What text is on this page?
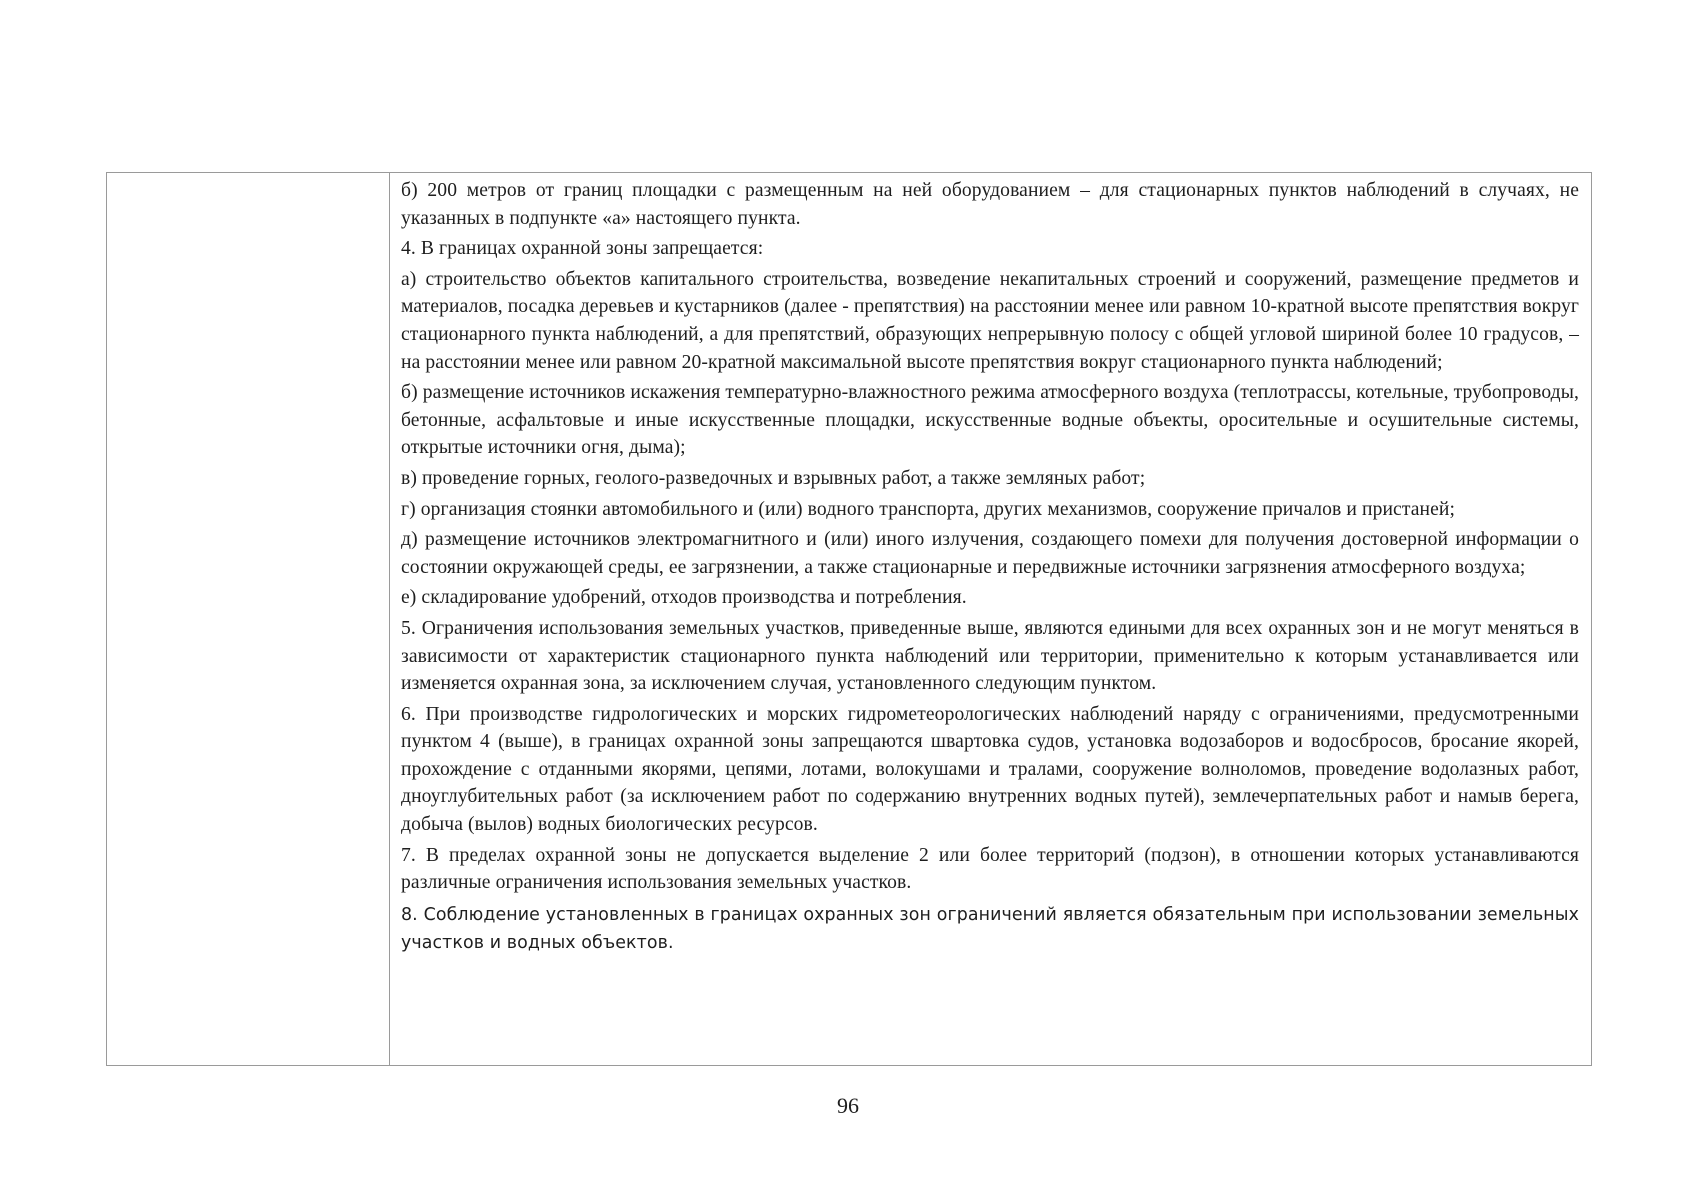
б) 200 метров от границ площадки с размещенным на ней оборудованием – для стационарных пунктов наблюдений в случаях, не указанных в подпункте «а» настоящего пункта.

4. В границах охранной зоны запрещается:

а) строительство объектов капитального строительства, возведение некапитальных строений и сооружений, размещение предметов и материалов, посадка деревьев и кустарников (далее - препятствия) на расстоянии менее или равном 10-кратной высоте препятствия вокруг стационарного пункта наблюдений, а для препятствий, образующих непрерывную полосу с общей угловой шириной более 10 градусов, – на расстоянии менее или равном 20-кратной максимальной высоте препятствия вокруг стационарного пункта наблюдений;

б) размещение источников искажения температурно-влажностного режима атмосферного воздуха (теплотрассы, котельные, трубопроводы, бетонные, асфальтовые и иные искусственные площадки, искусственные водные объекты, оросительные и осушительные системы, открытые источники огня, дыма);

в) проведение горных, геолого-разведочных и взрывных работ, а также земляных работ;

г) организация стоянки автомобильного и (или) водного транспорта, других механизмов, сооружение причалов и пристаней;

д) размещение источников электромагнитного и (или) иного излучения, создающего помехи для получения достоверной информации о состоянии окружающей среды, ее загрязнении, а также стационарные и передвижные источники загрязнения атмосферного воздуха;

е) складирование удобрений, отходов производства и потребления.

5. Ограничения использования земельных участков, приведенные выше, являются едиными для всех охранных зон и не могут меняться в зависимости от характеристик стационарного пункта наблюдений или территории, применительно к которым устанавливается или изменяется охранная зона, за исключением случая, установленного следующим пунктом.

6. При производстве гидрологических и морских гидрометеорологических наблюдений наряду с ограничениями, предусмотренными пунктом 4 (выше), в границах охранной зоны запрещаются швартовка судов, установка водозаборов и водосбросов, бросание якорей, прохождение с отданными якорями, цепями, лотами, волокушами и тралами, сооружение волноломов, проведение водолазных работ, дноуглубительных работ (за исключением работ по содержанию внутренних водных путей), землечерпательных работ и намыв берега, добыча (вылов) водных биологических ресурсов.

7. В пределах охранной зоны не допускается выделение 2 или более территорий (подзон), в отношении которых устанавливаются различные ограничения использования земельных участков.

8. Соблюдение установленных в границах охранных зон ограничений является обязательным при использовании земельных участков и водных объектов.

96
